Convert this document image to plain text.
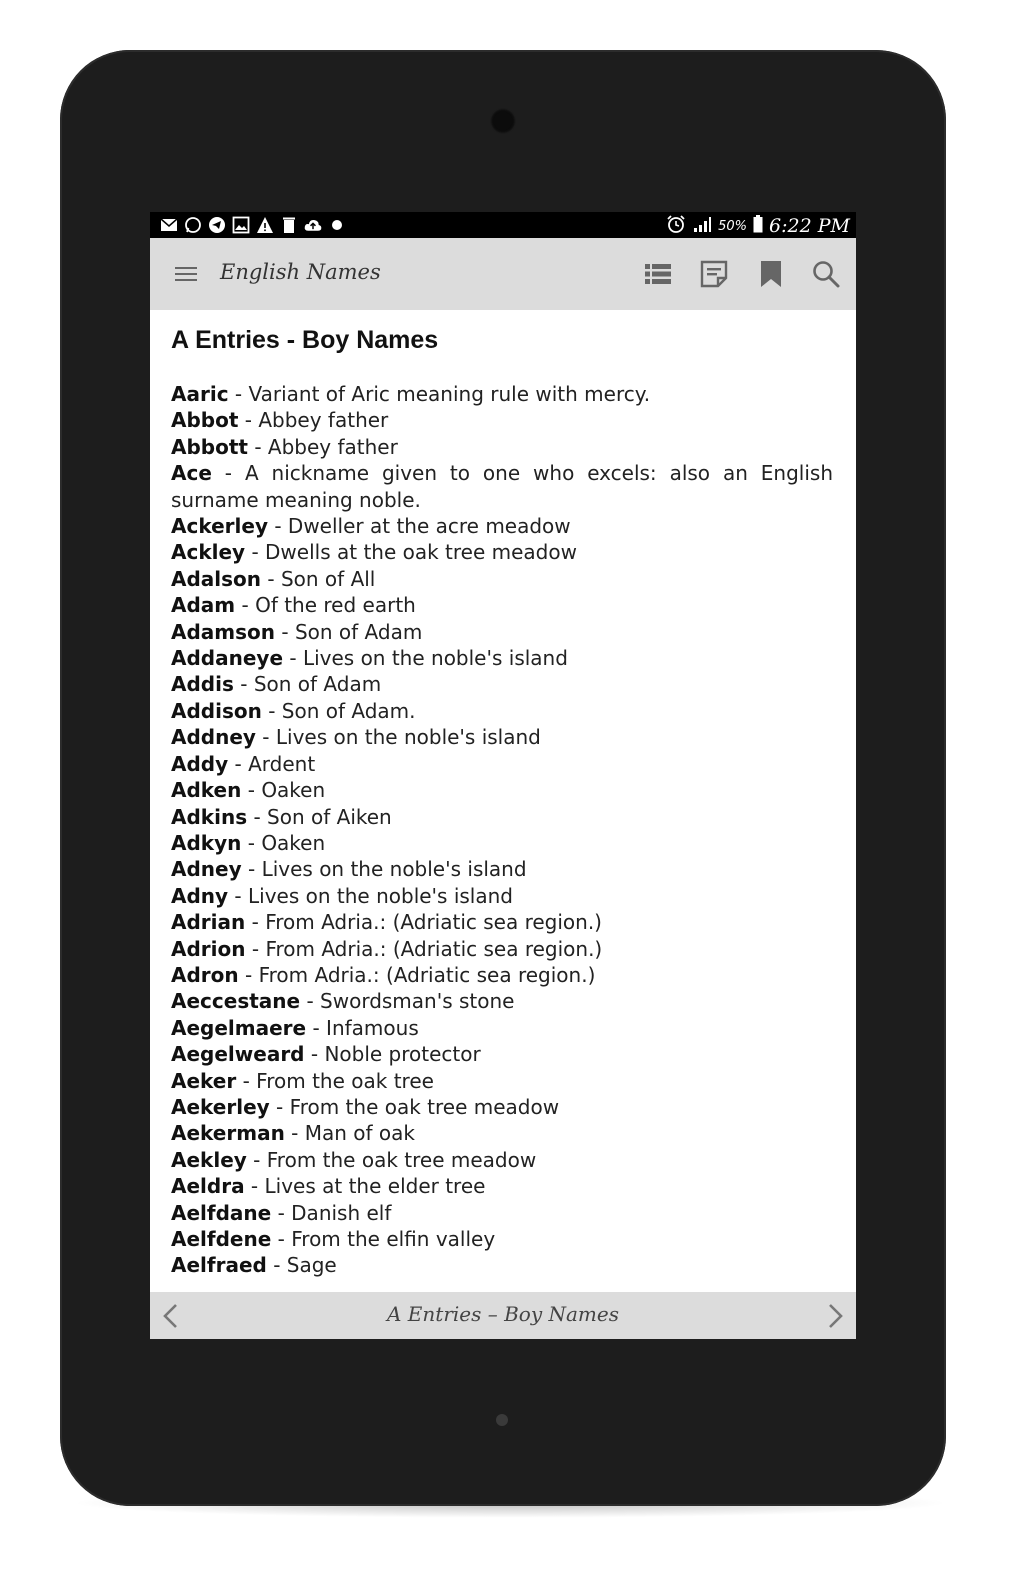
50% 6:22 PM
English Names
A Entries - Boy Names
Aaric - Variant of Aric meaning rule with mercy.
Abbot - Abbey father
Abbott - Abbey father
Ace - A nickname given to one who excels: also an English surname meaning noble.
Ackerley - Dweller at the acre meadow
Ackley - Dwells at the oak tree meadow
Adalson - Son of All
Adam - Of the red earth
Adamson - Son of Adam
Addaneye - Lives on the noble's island
Addis - Son of Adam
Addison - Son of Adam.
Addney - Lives on the noble's island
Addy - Ardent
Adken - Oaken
Adkins - Son of Aiken
Adkyn - Oaken
Adney - Lives on the noble's island
Adny - Lives on the noble's island
Adrian - From Adria.: (Adriatic sea region.)
Adrion - From Adria.: (Adriatic sea region.)
Adron - From Adria.: (Adriatic sea region.)
Aeccestane - Swordsman's stone
Aegelmaere - Infamous
Aegelweard - Noble protector
Aeker - From the oak tree
Aekerley - From the oak tree meadow
Aekerman - Man of oak
Aekley - From the oak tree meadow
Aeldra - Lives at the elder tree
Aelfdane - Danish elf
Aelfdene - From the elfin valley
Aelfraed - Sage
A Entries – Boy Names
